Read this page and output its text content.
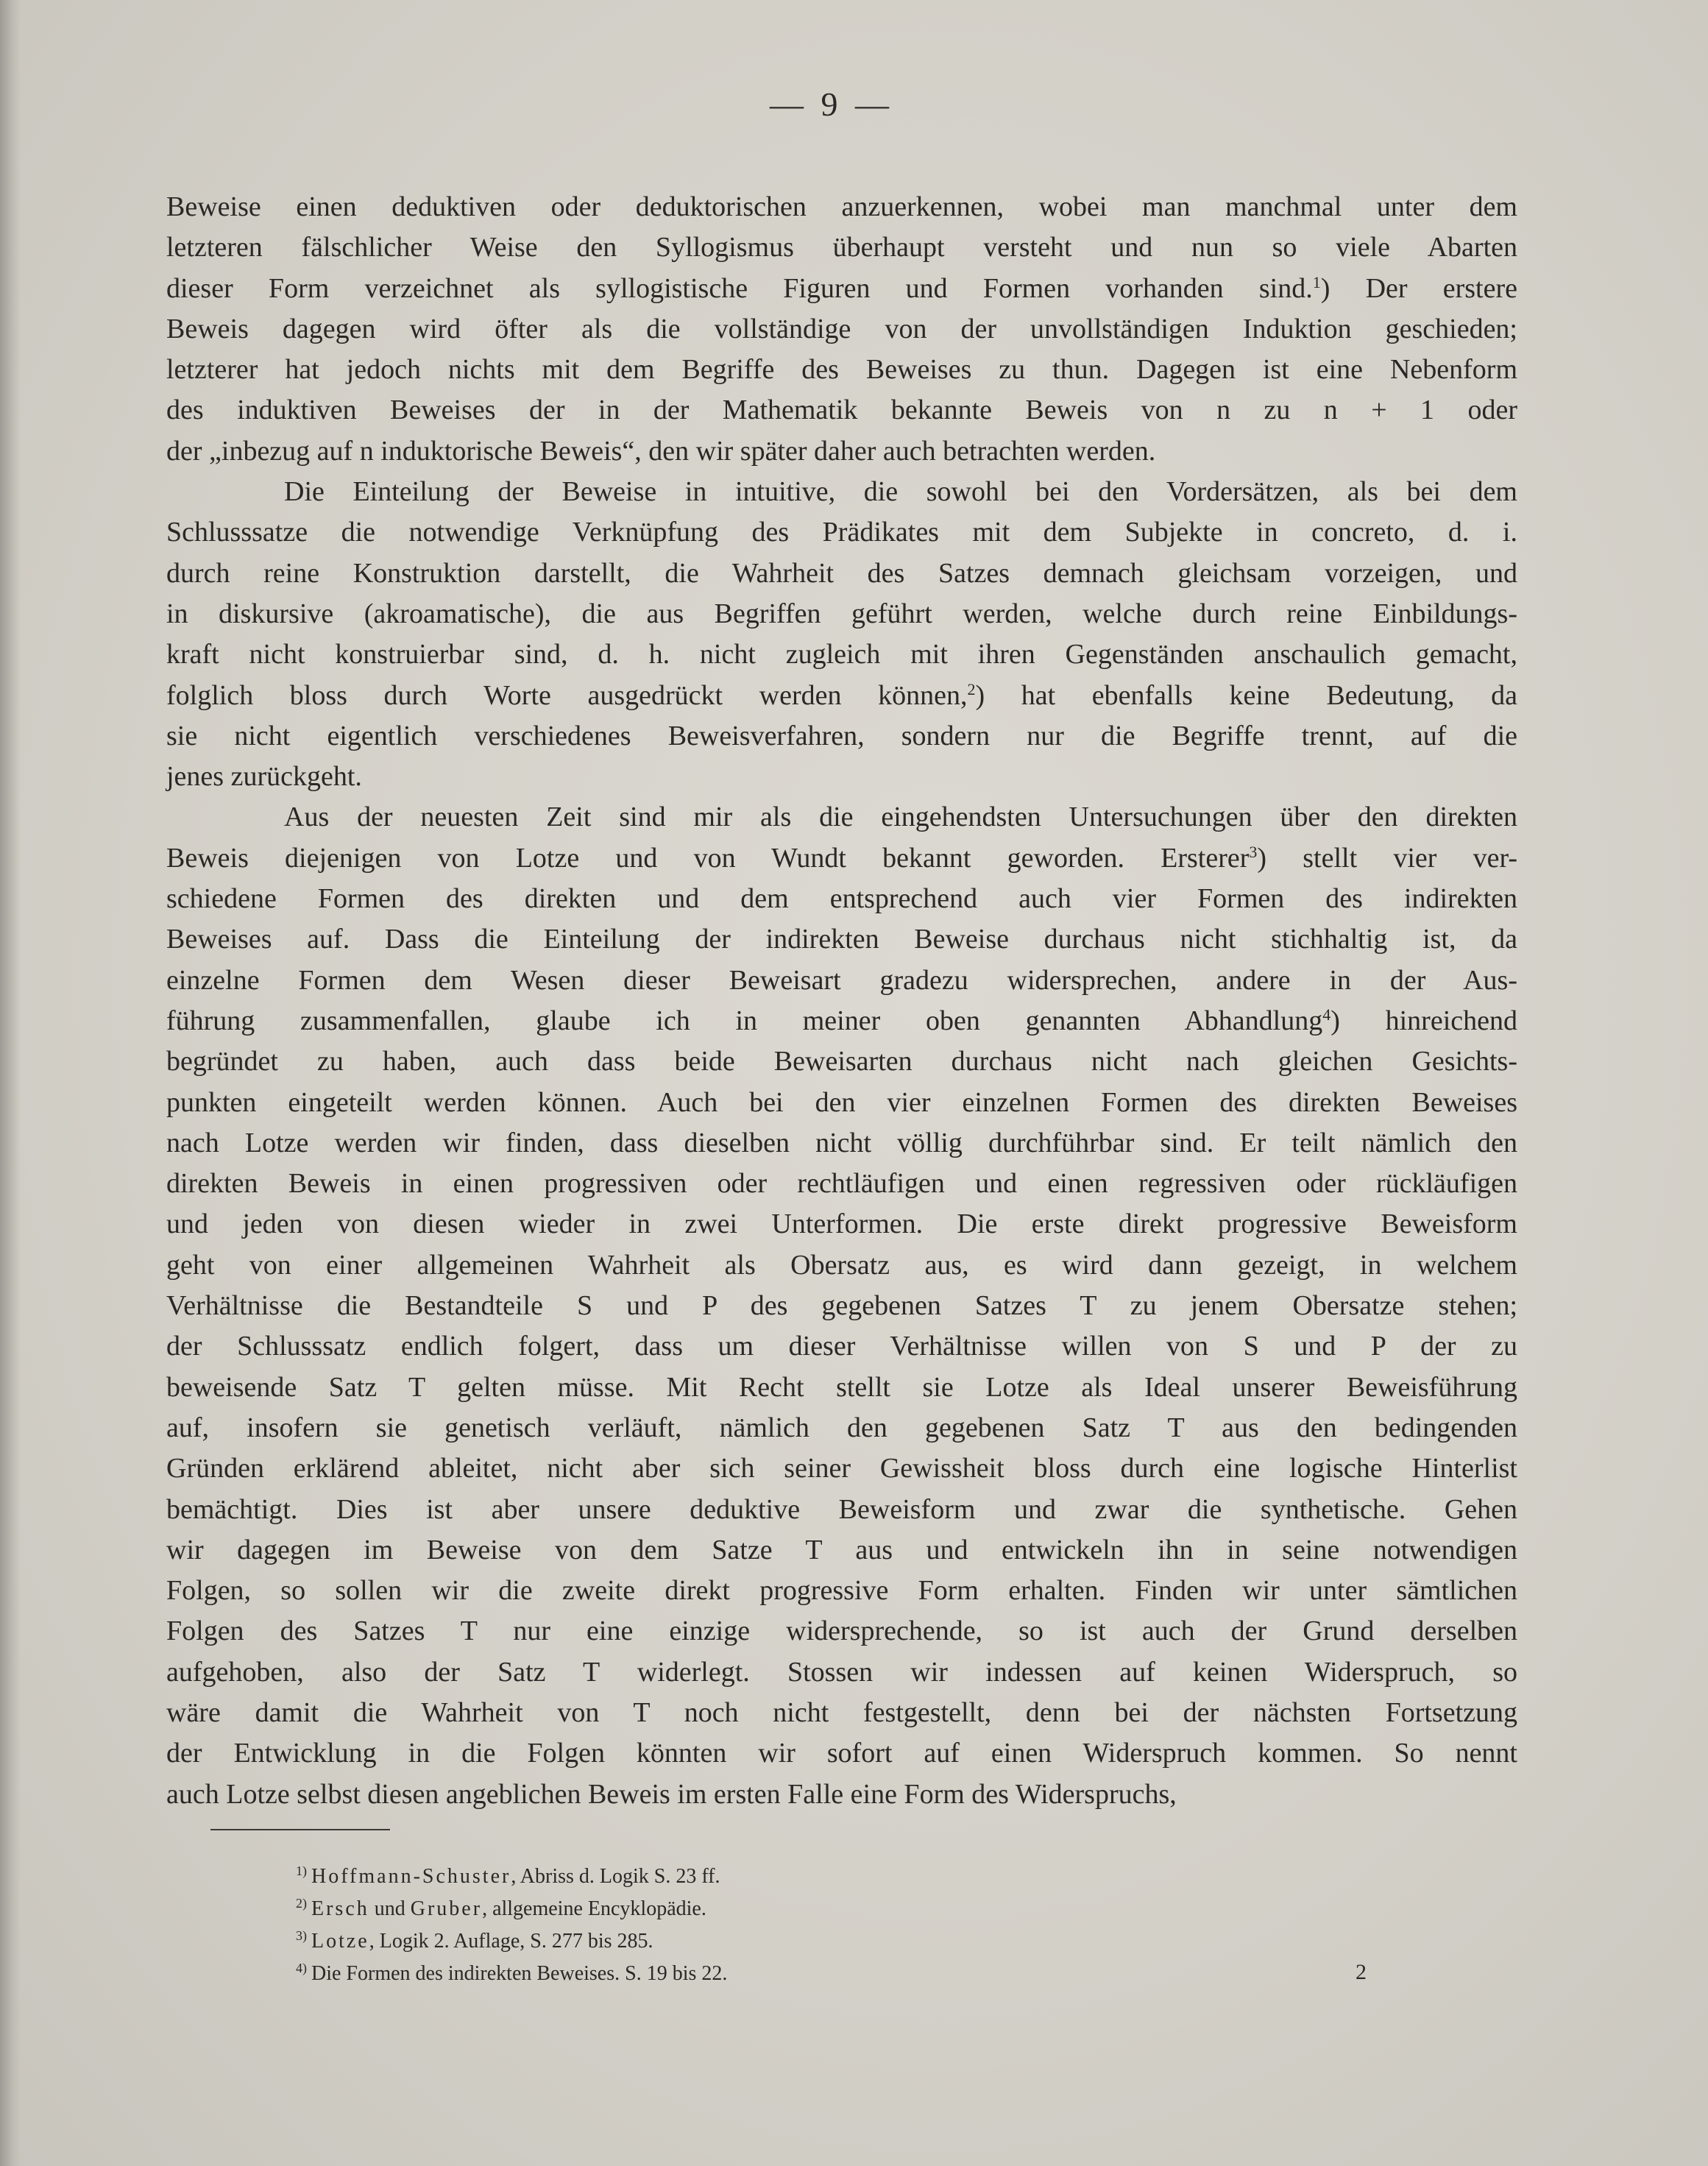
— 9 —
Beweise einen deduktiven oder deduktorischen anzuerkennen, wobei man manchmal unter dem
letzteren fälschlicher Weise den Syllogismus überhaupt versteht und nun so viele Abarten
dieser Form verzeichnet als syllogistische Figuren und Formen vorhanden sind.$^1$) Der erstere
Beweis dagegen wird öfter als die vollständige von der unvollständigen Induktion geschieden;
letzterer hat jedoch nichts mit dem Begriffe des Beweises zu thun. Dagegen ist eine Nebenform
des induktiven Beweises der in der Mathematik bekannte Beweis von n zu n + 1 oder
der „inbezug auf n induktorische Beweis“, den wir später daher auch betrachten werden.
Die Einteilung der Beweise in intuitive, die sowohl bei den Vordersätzen, als bei dem
Schlusssatze die notwendige Verknüpfung des Prädikates mit dem Subjekte in concreto, d. i.
durch reine Konstruktion darstellt, die Wahrheit des Satzes demnach gleichsam vorzeigen, und
in diskursive (akroamatische), die aus Begriffen geführt werden, welche durch reine Einbildungs-
kraft nicht konstruierbar sind, d. h. nicht zugleich mit ihren Gegenständen anschaulich gemacht,
folglich bloss durch Worte ausgedrückt werden können,$^2$) hat ebenfalls keine Bedeutung, da
sie nicht eigentlich verschiedenes Beweisverfahren, sondern nur die Begriffe trennt, auf die
jenes zurückgeht.
Aus der neuesten Zeit sind mir als die eingehendsten Untersuchungen über den direkten
Beweis diejenigen von Lotze und von Wundt bekannt geworden. Ersterer$^3$) stellt vier ver-
schiedene Formen des direkten und dem entsprechend auch vier Formen des indirekten
Beweises auf. Dass die Einteilung der indirekten Beweise durchaus nicht stichhaltig ist, da
einzelne Formen dem Wesen dieser Beweisart gradezu widersprechen, andere in der Aus-
führung zusammenfallen, glaube ich in meiner oben genannten Abhandlung$^4$) hinreichend
begründet zu haben, auch dass beide Beweisarten durchaus nicht nach gleichen Gesichts-
punkten eingeteilt werden können. Auch bei den vier einzelnen Formen des direkten Beweises
nach Lotze werden wir finden, dass dieselben nicht völlig durchführbar sind. Er teilt nämlich den
direkten Beweis in einen progressiven oder rechtläufigen und einen regressiven oder rückläufigen
und jeden von diesen wieder in zwei Unterformen. Die erste direkt progressive Beweisform
geht von einer allgemeinen Wahrheit als Obersatz aus, es wird dann gezeigt, in welchem
Verhältnisse die Bestandteile S und P des gegebenen Satzes T zu jenem Obersatze stehen;
der Schlusssatz endlich folgert, dass um dieser Verhältnisse willen von S und P der zu
beweisende Satz T gelten müsse. Mit Recht stellt sie Lotze als Ideal unserer Beweisführung
auf, insofern sie genetisch verläuft, nämlich den gegebenen Satz T aus den bedingenden
Gründen erklärend ableitet, nicht aber sich seiner Gewissheit bloss durch eine logische Hinterlist
bemächtigt. Dies ist aber unsere deduktive Beweisform und zwar die synthetische. Gehen
wir dagegen im Beweise von dem Satze T aus und entwickeln ihn in seine notwendigen
Folgen, so sollen wir die zweite direkt progressive Form erhalten. Finden wir unter sämtlichen
Folgen des Satzes T nur eine einzige widersprechende, so ist auch der Grund derselben
aufgehoben, also der Satz T widerlegt. Stossen wir indessen auf keinen Widerspruch, so
wäre damit die Wahrheit von T noch nicht festgestellt, denn bei der nächsten Fortsetzung
der Entwicklung in die Folgen könnten wir sofort auf einen Widerspruch kommen. So nennt
auch Lotze selbst diesen angeblichen Beweis im ersten Falle eine Form des Widerspruchs,
$^{1)}$ Hoffmann-Schuster, Abriss d. Logik S. 23 ff.
$^{2)}$ Ersch und Gruber, allgemeine Encyklopädie.
$^{3)}$ Lotze, Logik 2. Auflage, S. 277 bis 285.
$^{4)}$ Die Formen des indirekten Beweises. S. 19 bis 22.	2
